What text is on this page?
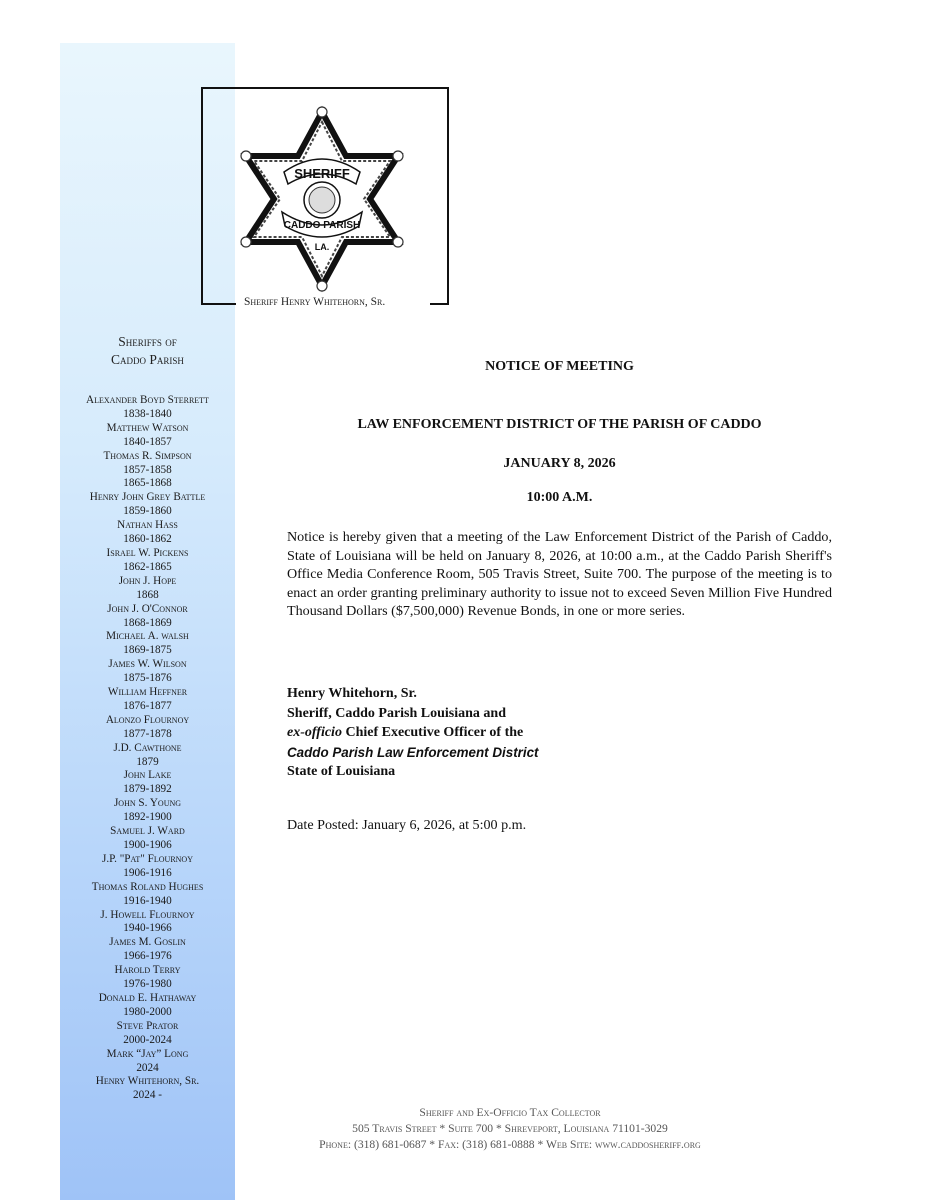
Sheriffs of
Caddo Parish
Alexander Boyd Sterrett
1838-1840
Matthew Watson
1840-1857
Thomas R. Simpson
1857-1858
1865-1868
Henry John Grey Battle
1859-1860
Nathan Hass
1860-1862
Israel W. Pickens
1862-1865
John J. Hope
1868
John J. O'Connor
1868-1869
Michael A. walsh
1869-1875
James W. Wilson
1875-1876
William Heffner
1876-1877
Alonzo Flournoy
1877-1878
J.D. Cawthone
1879
John Lake
1879-1892
John S. Young
1892-1900
Samuel J. Ward
1900-1906
J.P. "Pat" Flournoy
1906-1916
Thomas Roland Hughes
1916-1940
J. Howell Flournoy
1940-1966
James M. Goslin
1966-1976
Harold Terry
1976-1980
Donald E. Hathaway
1980-2000
Steve Prator
2000-2024
Mark “Jay” Long
2024
Henry Whitehorn, Sr.
2024 -
SHERIFF
CADDO PARISH
LA.
Sheriff Henry Whitehorn, Sr.
NOTICE OF MEETING
LAW ENFORCEMENT DISTRICT OF THE PARISH OF CADDO
JANUARY 8, 2026
10:00 A.M.
Notice is hereby given that a meeting of the Law Enforcement District of the Parish of Caddo, State of Louisiana will be held on January 8, 2026, at 10:00 a.m., at the Caddo Parish Sheriff's Office Media Conference Room, 505 Travis Street, Suite 700. The purpose of the meeting is to enact an order granting preliminary authority to issue not to exceed Seven Million Five Hundred Thousand Dollars ($7,500,000) Revenue Bonds, in one or more series.
Henry Whitehorn, Sr.
Sheriff, Caddo Parish Louisiana and
ex-officio Chief Executive Officer of the
Caddo Parish Law Enforcement District
State of Louisiana
Date Posted: January 6, 2026, at 5:00 p.m.
Sheriff and Ex-Officio Tax Collector
505 Travis Street * Suite 700 * Shreveport, Louisiana 71101-3029
Phone: (318) 681-0687 * Fax: (318) 681-0888 * Web Site: www.caddosheriff.org
